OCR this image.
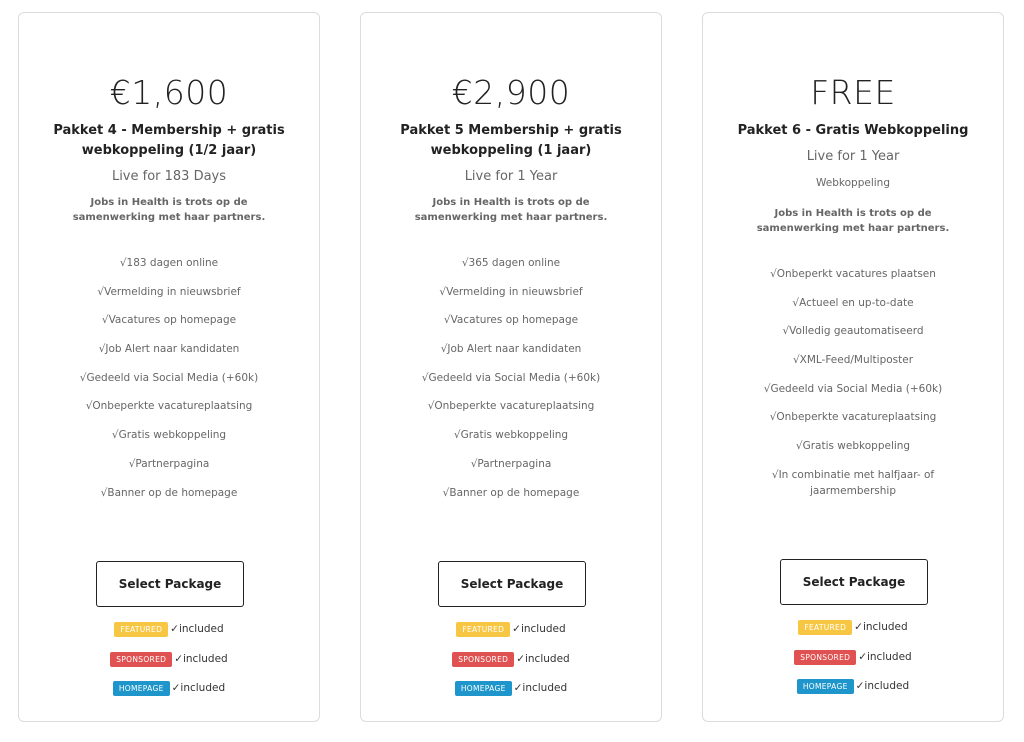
€1,600
Pakket 4 - Membership + gratis webkoppeling (1/2 jaar)
Live for 183 Days
Jobs in Health is trots op de samenwerking met haar partners.
√183 dagen online
√Vermelding in nieuwsbrief
√Vacatures op homepage
√Job Alert naar kandidaten
√Gedeeld via Social Media (+60k)
√Onbeperkte vacatureplaatsing
√Gratis webkoppeling
√Partnerpagina
√Banner op de homepage
Select Package
FEATURED ✓included
SPONSORED ✓included
HOMEPAGE ✓included
€2,900
Pakket 5 Membership + gratis webkoppeling (1 jaar)
Live for 1 Year
Jobs in Health is trots op de samenwerking met haar partners.
√365 dagen online
√Vermelding in nieuwsbrief
√Vacatures op homepage
√Job Alert naar kandidaten
√Gedeeld via Social Media (+60k)
√Onbeperkte vacatureplaatsing
√Gratis webkoppeling
√Partnerpagina
√Banner op de homepage
Select Package
FEATURED ✓included
SPONSORED ✓included
HOMEPAGE ✓included
FREE
Pakket 6 - Gratis Webkoppeling
Live for 1 Year
Webkoppeling
Jobs in Health is trots op de samenwerking met haar partners.
√Onbeperkt vacatures plaatsen
√Actueel en up-to-date
√Volledig geautomatiseerd
√XML-Feed/Multiposter
√Gedeeld via Social Media (+60k)
√Onbeperkte vacatureplaatsing
√Gratis webkoppeling
√In combinatie met halfjaar- of jaarmembership
Select Package
FEATURED ✓included
SPONSORED ✓included
HOMEPAGE ✓included
